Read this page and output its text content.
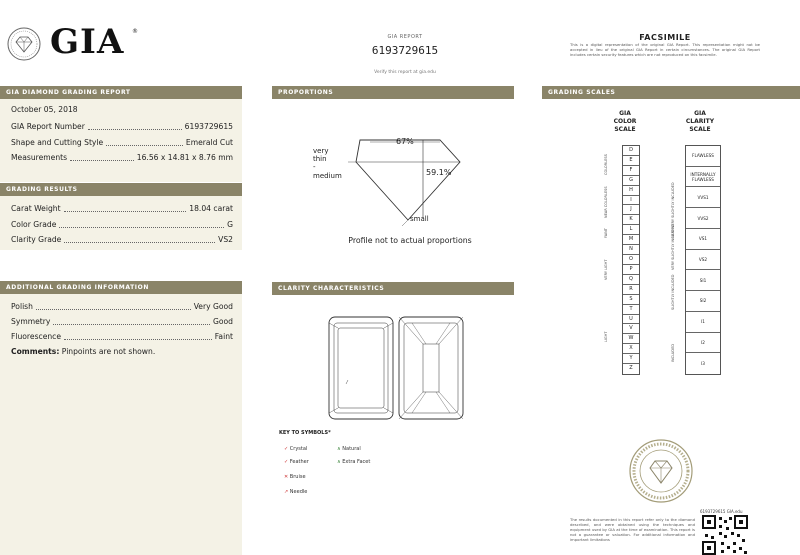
GIA ®
GIA REPORT
6193729615
Verify this report at gia.edu
FACSIMILE
This is a digital representation of the original GIA Report. This representation might not be accepted in lieu of the original GIA Report in certain circumstances. The original GIA Report includes certain security features which are not reproduced on this facsimile.
GIA DIAMOND GRADING REPORT
October 05, 2018
GIA Report Number	6193729615
Shape and Cutting Style	Emerald Cut
Measurements	16.56 x 14.81 x 8.76 mm
GRADING RESULTS
Carat Weight	18.04 carat
Color Grade	G
Clarity Grade	VS2
ADDITIONAL GRADING INFORMATION
Polish	Very Good
Symmetry	Good
Fluorescence	Faint
Comments: Pinpoints are not shown.
PROPORTIONS
67%
59.1%
very
thin
-
medium
small
Profile not to actual proportions
CLARITY CHARACTERISTICS
KEY TO SYMBOLS*
✓ Crystal	∧ Natural
✓ Feather	∧ Extra Facet
✕ Bruise
↗ Needle
GRADING SCALES
GIA
COLOR
SCALE
GIA
CLARITY
SCALE
D
E
F
G
H
I
J
K
L
M
N
O
P
Q
R
S
T
U
V
W
X
Y
Z
FLAWLESS
INTERNALLY FLAWLESS
VVS1
VVS2
VS1
VS2
SI1
SI2
I1
I2
I3
COLORLESS
NEAR COLORLESS
FAINT
VERY LIGHT
LIGHT
VERY VERY SLIGHTLY INCLUDED
VERY SLIGHTLY INCLUDED
SLIGHTLY INCLUDED
INCLUDED
6193729615 GIA.edu
The results documented in this report refer only to the diamond described, and were obtained using the techniques and equipment used by GIA at the time of examination. This report is not a guarantee or valuation. For additional information and important limitations
